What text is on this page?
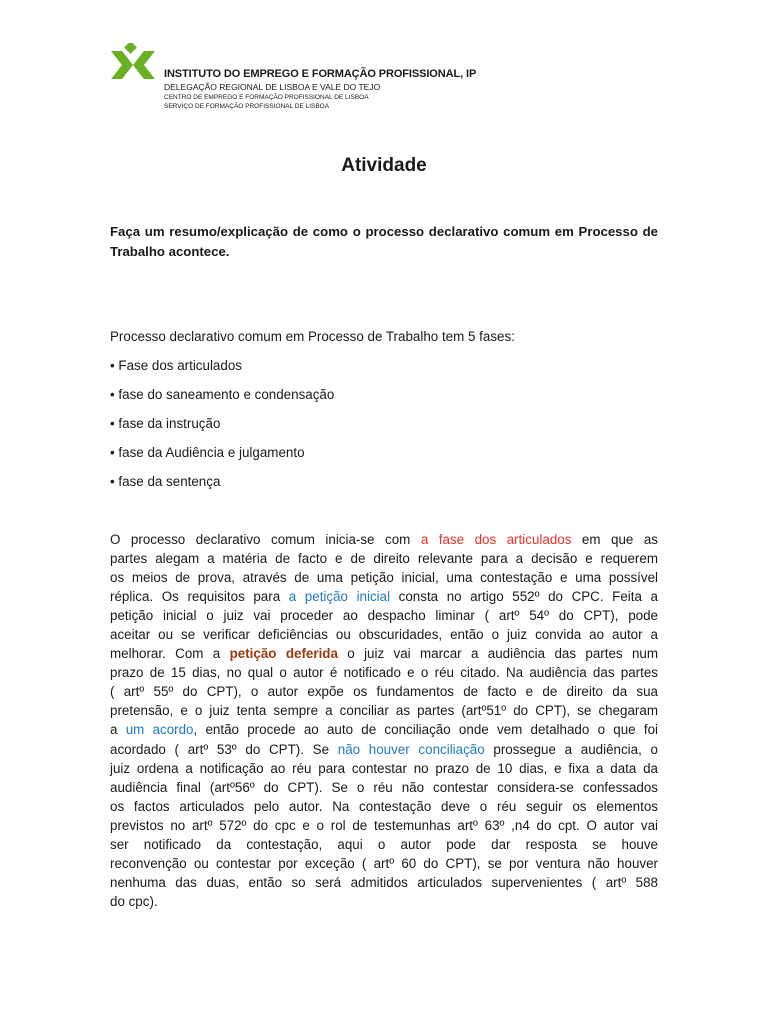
INSTITUTO DO EMPREGO E FORMAÇÃO PROFISSIONAL, IP
DELEGAÇÃO REGIONAL DE LISBOA E VALE DO TEJO
CENTRO DE EMPREGO E FORMAÇÃO PROFISSIONAL DE LISBOA
SERVIÇO DE FORMAÇÃO PROFISSIONAL DE LISBOA
Atividade
Faça um resumo/explicação de como o processo declarativo comum em Processo de Trabalho acontece.
Processo declarativo comum em Processo de Trabalho tem 5 fases:
• Fase dos articulados
• fase do saneamento e condensação
• fase da instrução
• fase da Audiência e julgamento
• fase da sentença
O processo declarativo comum inicia-se com a fase dos articulados em que as
partes alegam a matéria de facto e de direito relevante para a decisão e requerem
os meios de prova, através de uma petição inicial, uma contestação e uma possível
réplica. Os requisitos para a petição inicial consta no artigo 552º do CPC. Feita a
petição inicial o juiz vai proceder ao despacho liminar ( artº 54º do CPT), pode
aceitar ou se verificar deficiências ou obscuridades, então o juiz convida ao autor a
melhorar. Com a petição deferida o juiz vai marcar a audiência das partes num
prazo de 15 dias, no qual o autor é notificado e o réu citado. Na audiência das partes
( artº 55º do CPT), o autor expõe os fundamentos de facto e de direito da sua
pretensão, e o juiz tenta sempre a conciliar as partes (artº51º do CPT), se chegaram
a um acordo, então procede ao auto de conciliação onde vem detalhado o que foi
acordado ( artº 53º do CPT). Se não houver conciliação prossegue a audiência, o
juiz ordena a notificação ao réu para contestar no prazo de 10 dias, e fixa a data da
audiência final (artº56º do CPT). Se o réu não contestar considera-se confessados
os factos articulados pelo autor. Na contestação deve o réu seguir os elementos
previstos no artº 572º do cpc e o rol de testemunhas artº 63º ,n4 do cpt. O autor vai
ser notificado da contestação, aqui o autor pode dar resposta se houve
reconvenção ou contestar por exceção ( artº 60 do CPT), se por ventura não houver
nenhuma das duas, então so será admitidos articulados supervenientes ( artº 588
do cpc).
